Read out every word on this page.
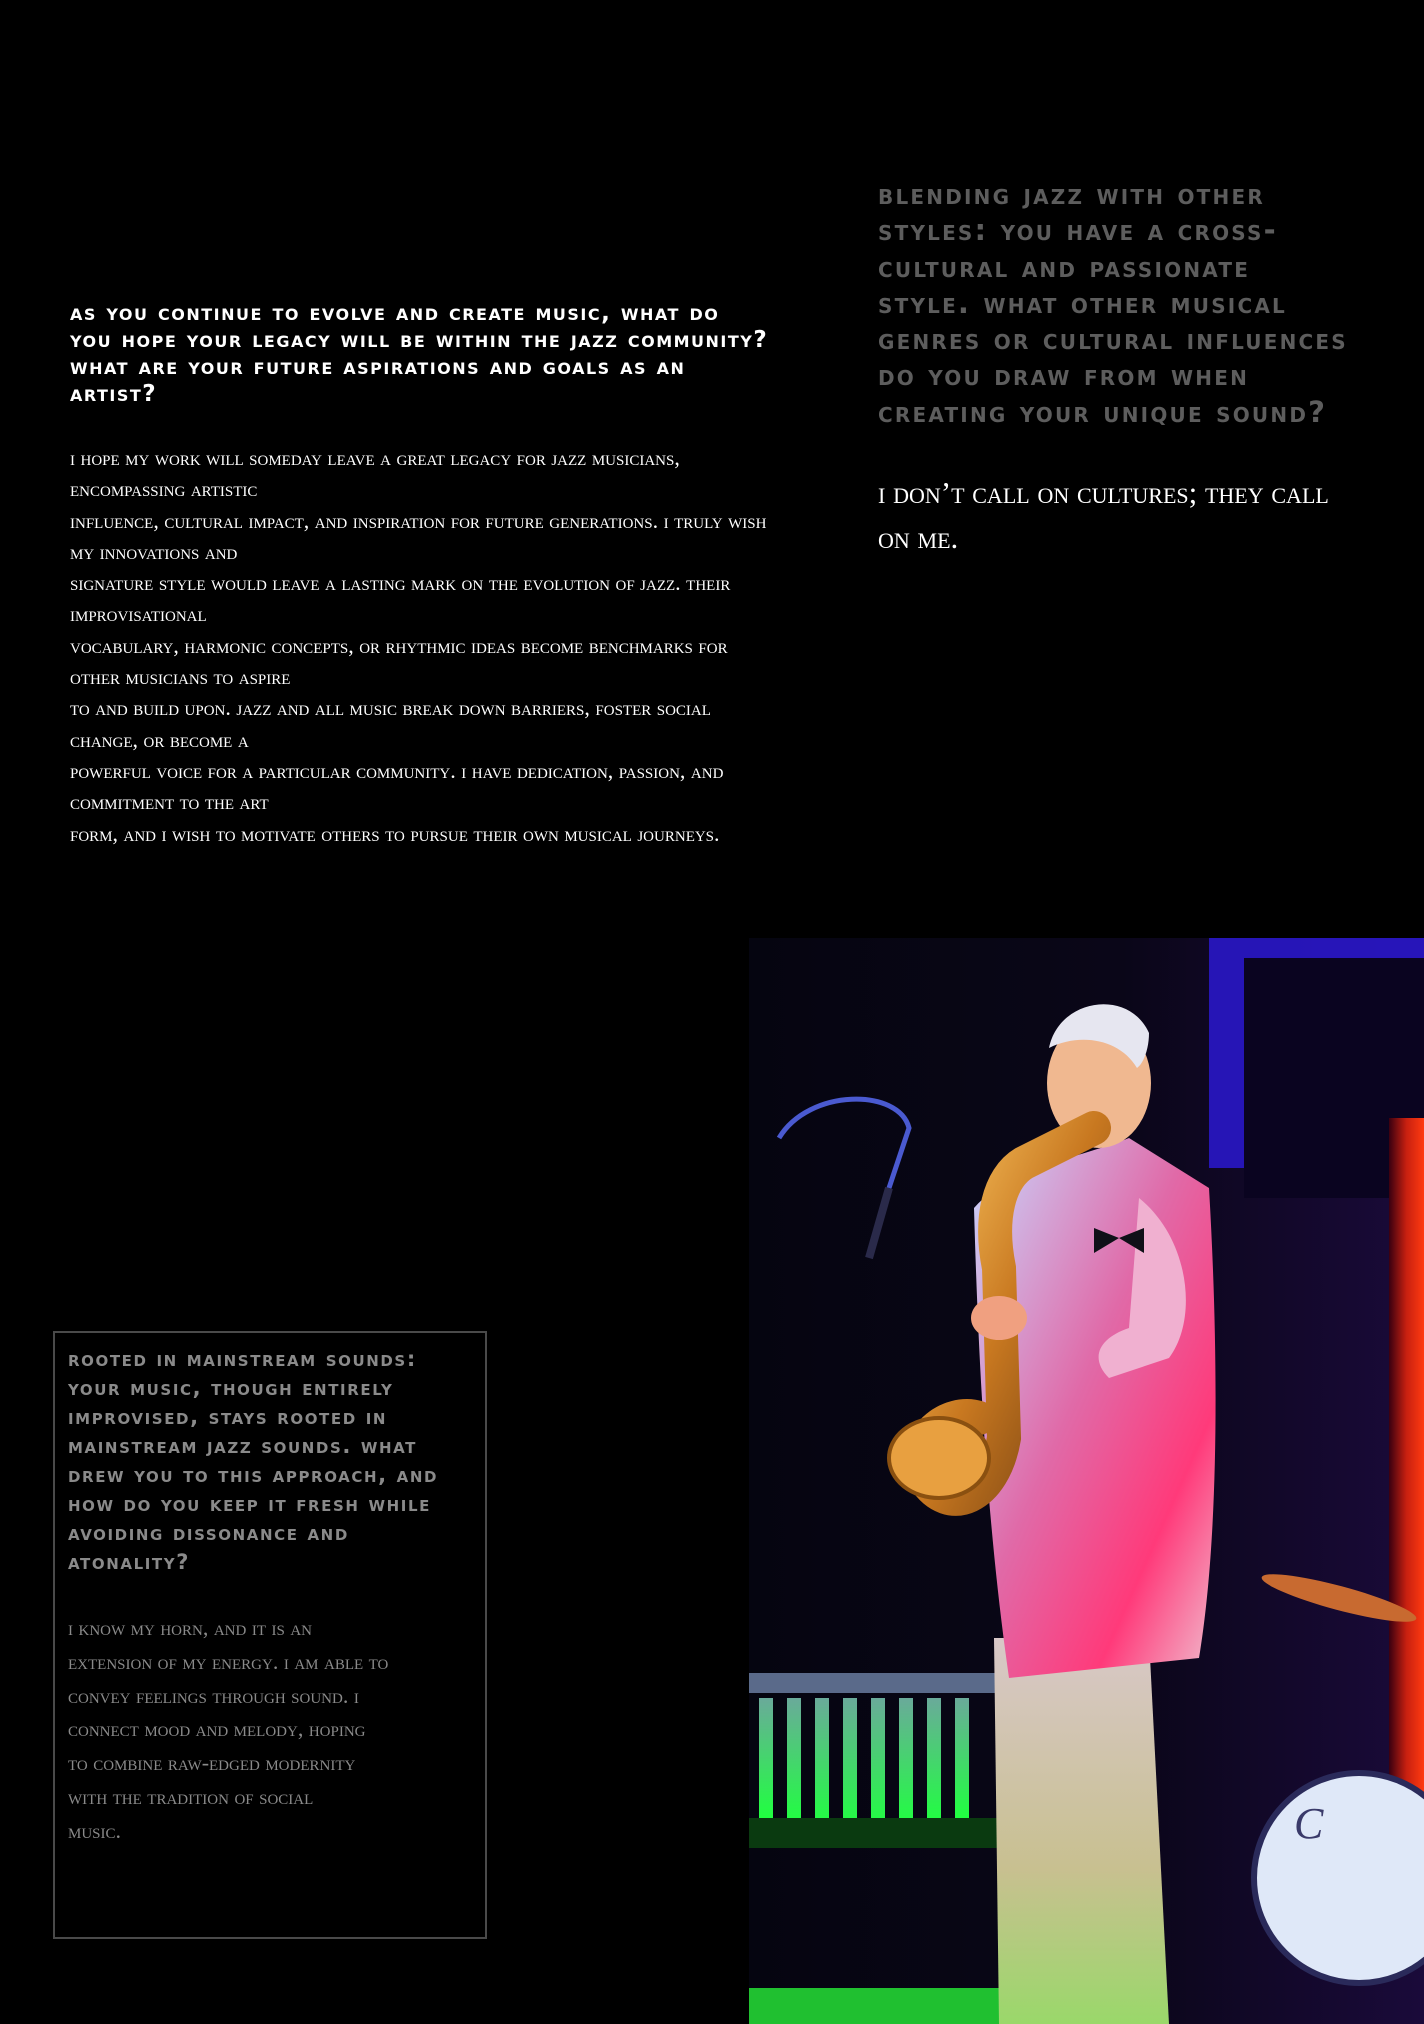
as you continue to evolve and create music, what do you hope your legacy will be within the jazz community? what are your future aspirations and goals as an artist?

i hope my work will someday leave a great legacy for jazz musicians, encompassing artistic
influence, cultural impact, and inspiration for future generations. i truly wish my innovations and
signature style would leave a lasting mark on the evolution of jazz. their improvisational
vocabulary, harmonic concepts, or rhythmic ideas become benchmarks for other musicians to aspire
to and build upon. jazz and all music break down barriers, foster social change, or become a
powerful voice for a particular community. i have dedication, passion, and commitment to the art
form, and i wish to motivate others to pursue their own musical journeys.

blending jazz with other styles: you have a cross-cultural and passionate style. what other musical genres or cultural influences do you draw from when creating your unique sound?

i don’t call on cultures; they call on me.

rooted in mainstream sounds: your music, though entirely improvised, stays rooted in mainstream jazz sounds. what drew you to this approach, and how do you keep it fresh while avoiding dissonance and atonality?

i know my horn, and it is an
extension of my energy. i am able to
convey feelings through sound. i
connect mood and melody, hoping
to combine raw-edged modernity
with the tradition of social
music.	C
